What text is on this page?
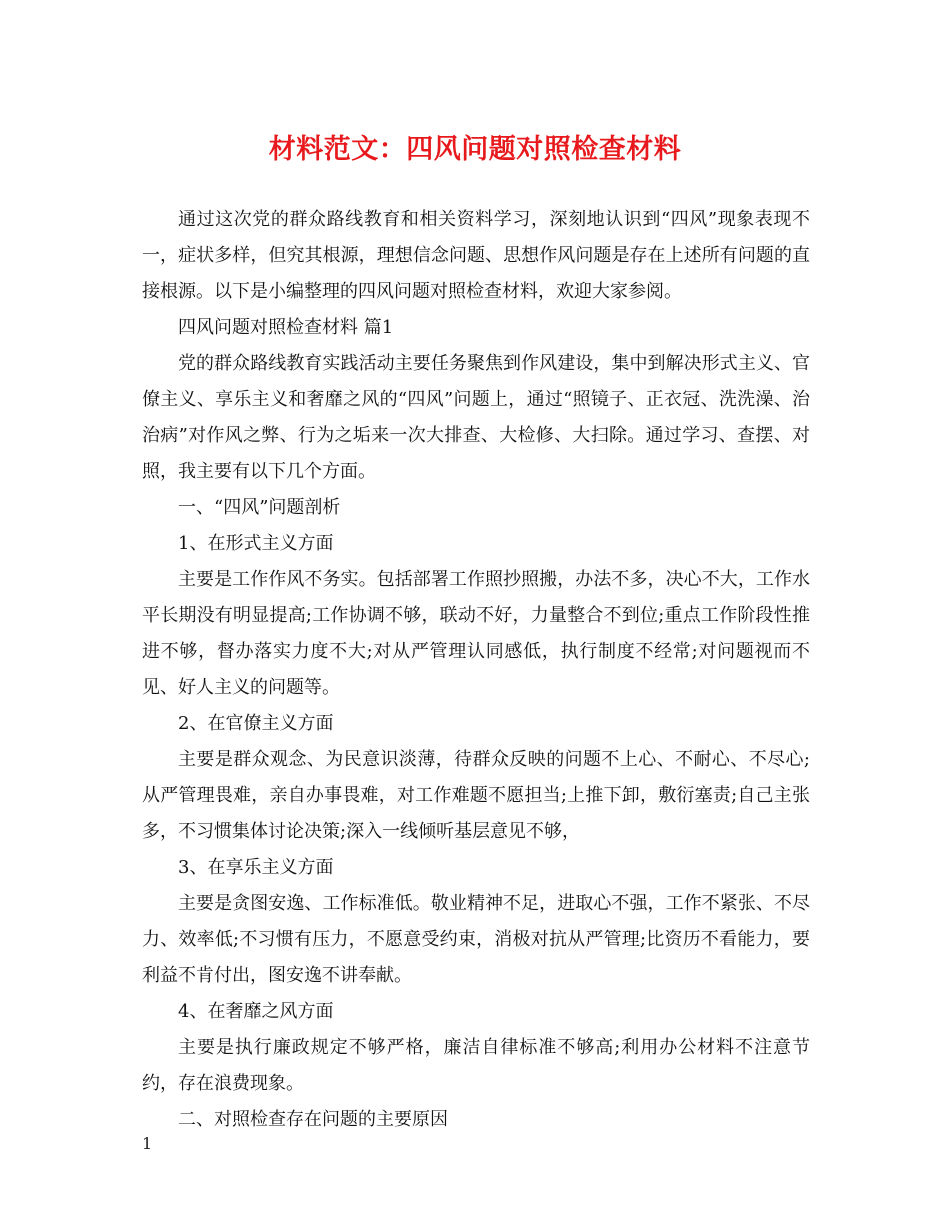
材料范文：四风问题对照检查材料

通过这次党的群众路线教育和相关资料学习，深刻地认识到“四风”现象表现不一，症状多样，但究其根源，理想信念问题、思想作风问题是存在上述所有问题的直接根源。以下是小编整理的四风问题对照检查材料，欢迎大家参阅。

四风问题对照检查材料 篇1

党的群众路线教育实践活动主要任务聚焦到作风建设，集中到解决形式主义、官僚主义、享乐主义和奢靡之风的“四风”问题上，通过“照镜子、正衣冠、洗洗澡、治治病”对作风之弊、行为之垢来一次大排查、大检修、大扫除。通过学习、查摆、对照，我主要有以下几个方面。

一、“四风”问题剖析

1、在形式主义方面

主要是工作作风不务实。包括部署工作照抄照搬，办法不多，决心不大，工作水平长期没有明显提高;工作协调不够，联动不好，力量整合不到位;重点工作阶段性推进不够，督办落实力度不大;对从严管理认同感低，执行制度不经常;对问题视而不见、好人主义的问题等。

2、在官僚主义方面

主要是群众观念、为民意识淡薄，待群众反映的问题不上心、不耐心、不尽心;从严管理畏难，亲自办事畏难，对工作难题不愿担当;上推下卸，敷衍塞责;自己主张多，不习惯集体讨论决策;深入一线倾听基层意见不够，

3、在享乐主义方面

主要是贪图安逸、工作标准低。敬业精神不足，进取心不强，工作不紧张、不尽力、效率低;不习惯有压力，不愿意受约束，消极对抗从严管理;比资历不看能力，要利益不肯付出，图安逸不讲奉献。

4、在奢靡之风方面

主要是执行廉政规定不够严格，廉洁自律标准不够高;利用办公材料不注意节约，存在浪费现象。

二、对照检查存在问题的主要原因

1
